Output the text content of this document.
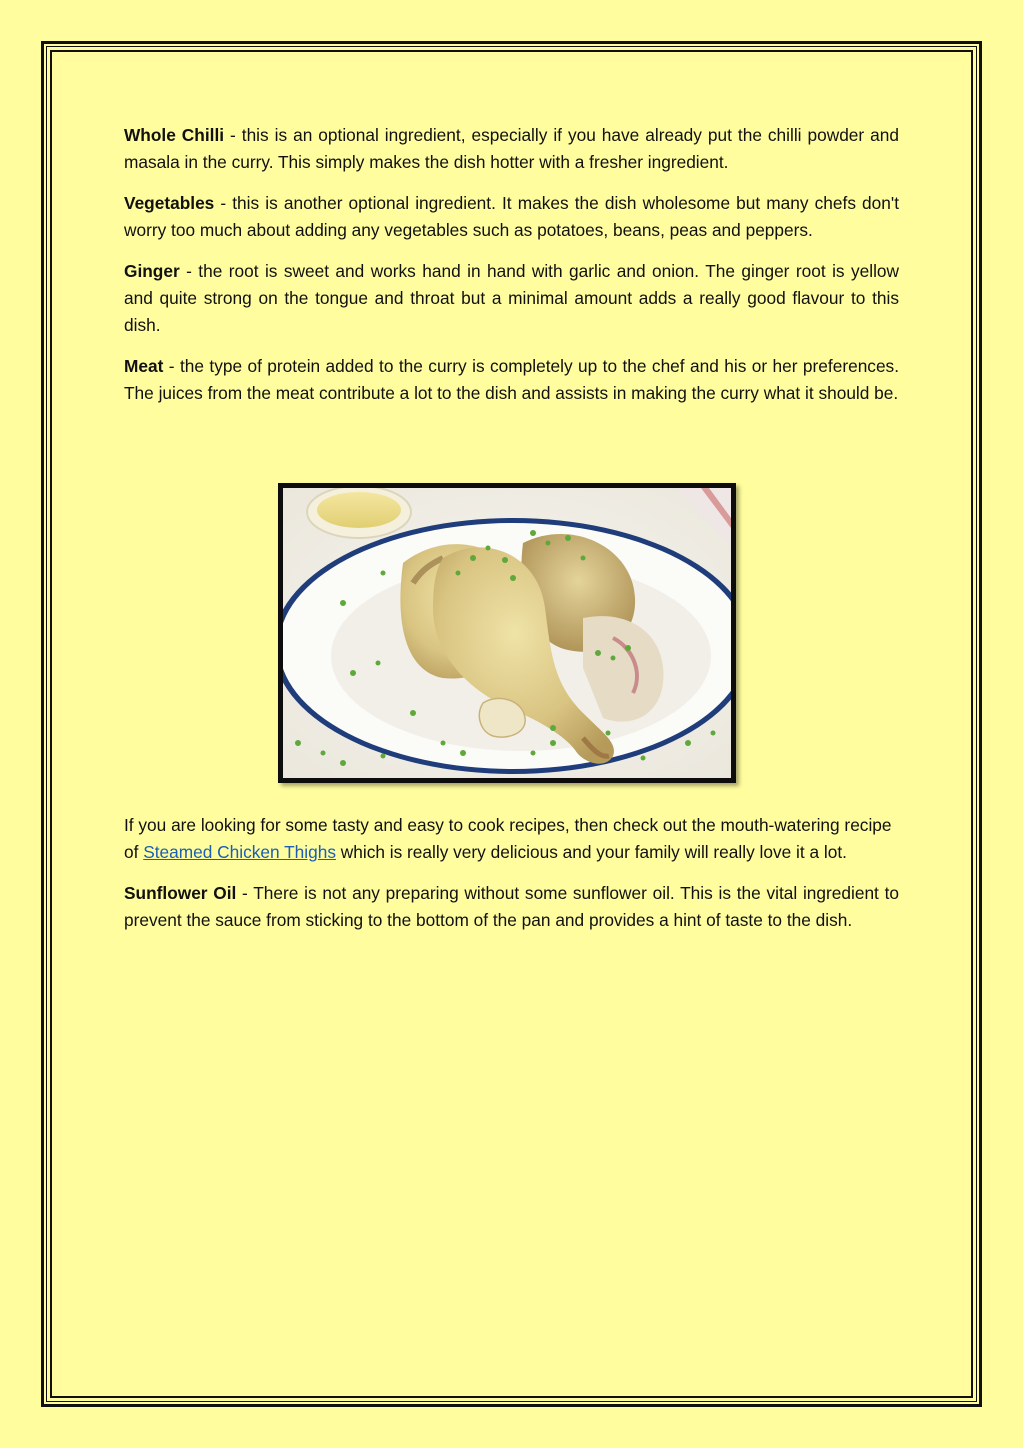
Whole Chilli - this is an optional ingredient, especially if you have already put the chilli powder and masala in the curry. This simply makes the dish hotter with a fresher ingredient.

Vegetables - this is another optional ingredient. It makes the dish wholesome but many chefs don't worry too much about adding any vegetables such as potatoes, beans, peas and peppers.

Ginger - the root is sweet and works hand in hand with garlic and onion. The ginger root is yellow and quite strong on the tongue and throat but a minimal amount adds a really good flavour to this dish.

Meat - the type of protein added to the curry is completely up to the chef and his or her preferences. The juices from the meat contribute a lot to the dish and assists in making the curry what it should be.

If you are looking for some tasty and easy to cook recipes, then check out the mouth-watering recipe of Steamed Chicken Thighs which is really very delicious and your family will really love it a lot.

Sunflower Oil - There is not any preparing without some sunflower oil. This is the vital ingredient to prevent the sauce from sticking to the bottom of the pan and provides a hint of taste to the dish.
